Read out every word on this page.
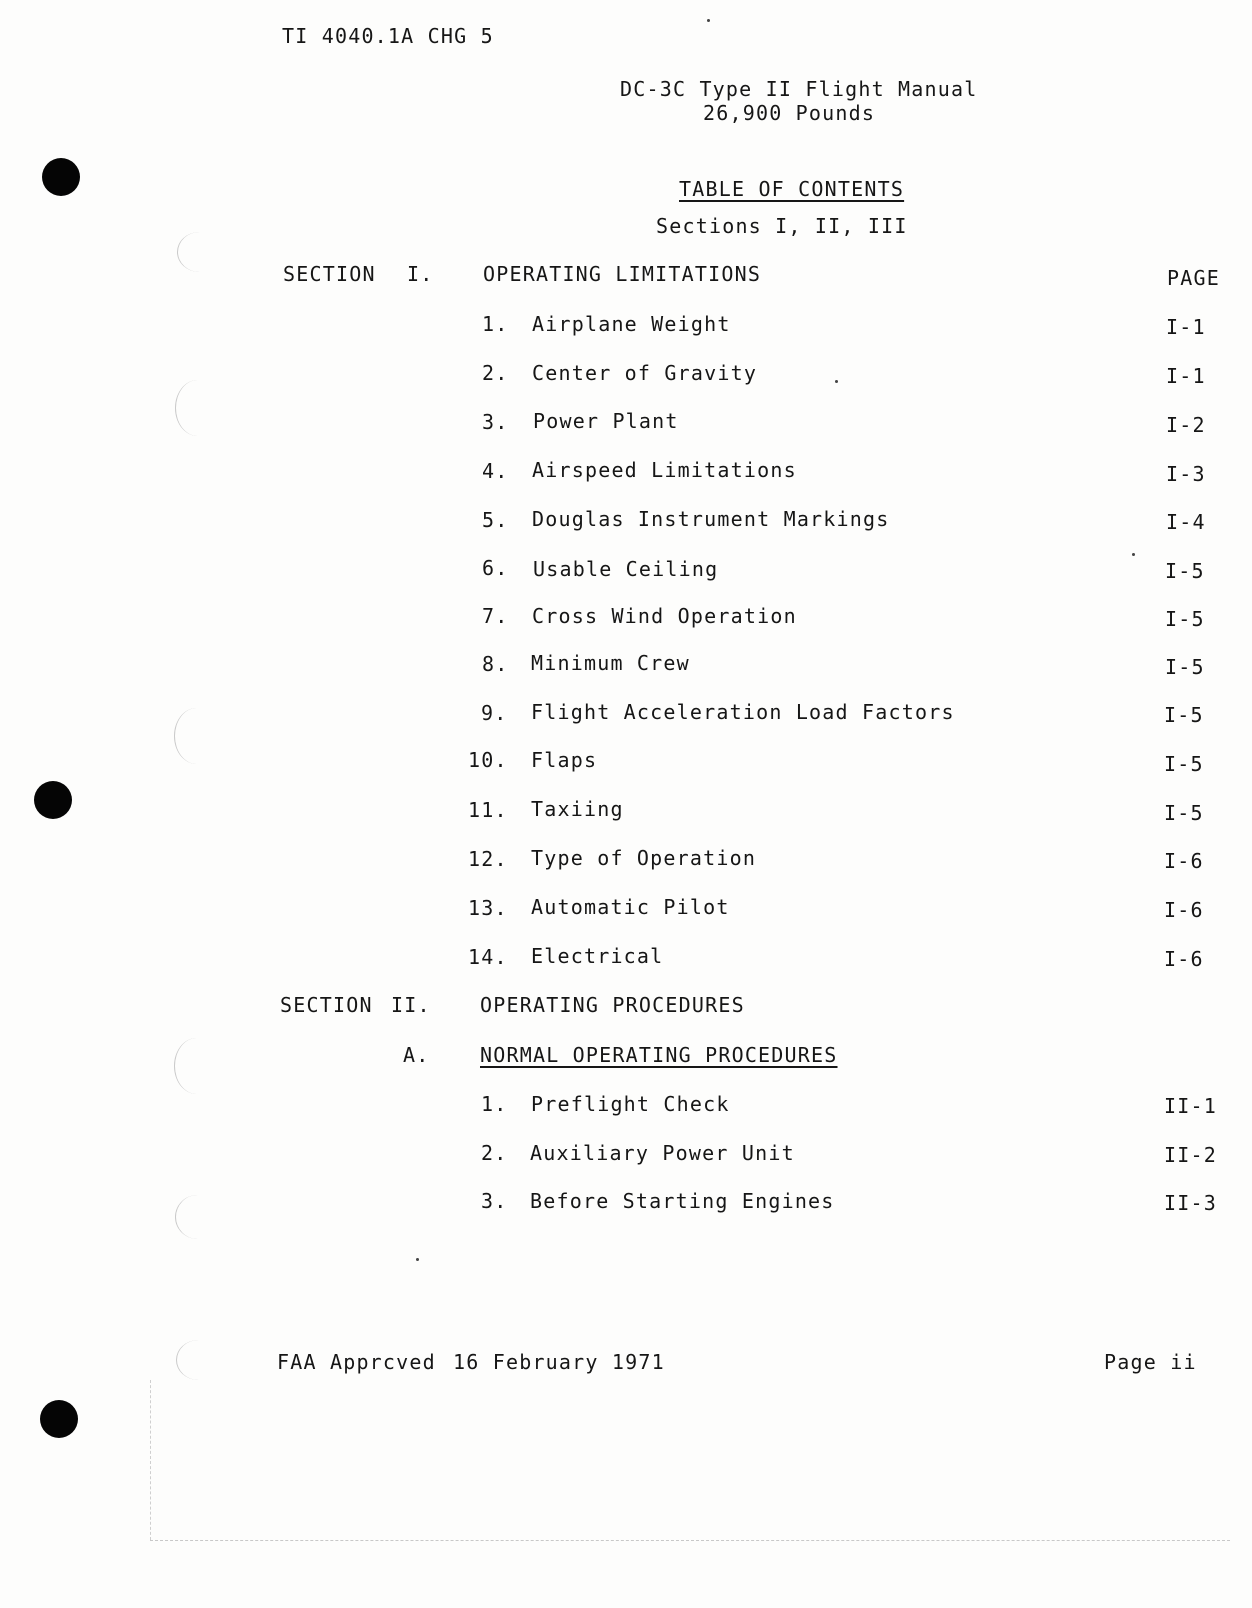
TI 4040.1A CHG 5
DC-3C Type II Flight Manual
26,900 Pounds
TABLE OF CONTENTS
Sections I, II, III
SECTION I. OPERATING LIMITATIONS	PAGE
1. Airplane Weight	I-1
2. Center of Gravity	I-1
3. Power Plant	I-2
4. Airspeed Limitations	I-3
5. Douglas Instrument Markings	I-4
6. Usable Ceiling	I-5
7. Cross Wind Operation	I-5
8. Minimum Crew	I-5
9. Flight Acceleration Load Factors	I-5
10. Flaps	I-5
11. Taxiing	I-5
12. Type of Operation	I-6
13. Automatic Pilot	I-6
14. Electrical	I-6
SECTION II. OPERATING PROCEDURES
A.	NORMAL OPERATING PROCEDURES
1. Preflight Check	II-1
2. Auxiliary Power Unit	II-2
3. Before Starting Engines	II-3
FAA Apprcved 16 February 1971	Page ii
